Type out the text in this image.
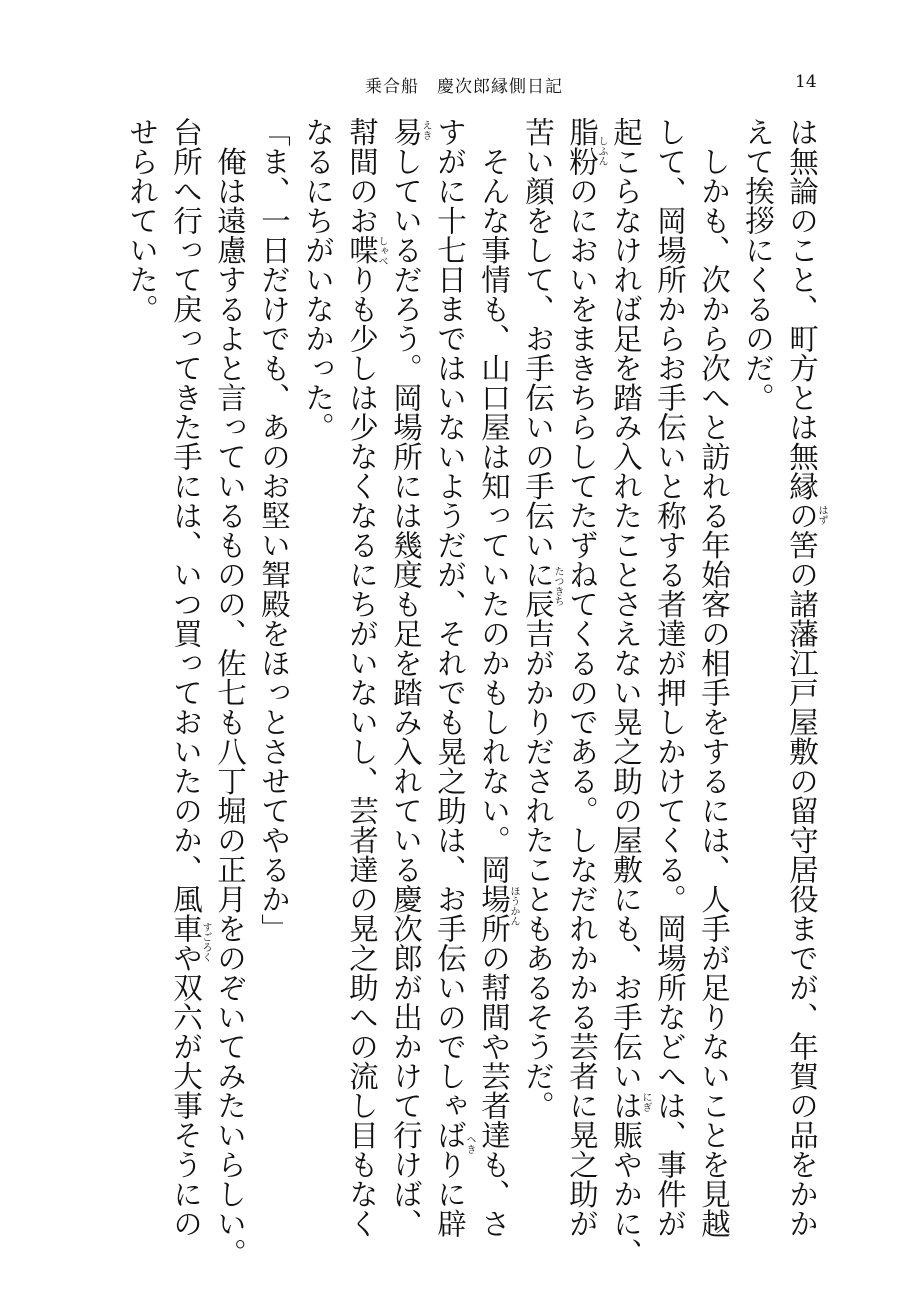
乗合船　慶次郎縁側日記	14
は無論のこと、町方とは無縁の筈の諸藩江戸屋敷の留守居役までが、年賀の品をかか
えて挨拶にくるのだ。
　しかも、次から次へと訪れる年始客の相手をするには、人手が足りないことを見越
して、岡場所からお手伝いと称する者達が押しかけてくる。岡場所などへは、事件が
起こらなければ足を踏み入れたことさえない晃之助の屋敷にも、お手伝いは賑やかに、
脂粉のにおいをまきちらしてたずねてくるのである。しなだれかかる芸者に晃之助が
苦い顔をして、お手伝いの手伝いに辰吉がかりだされたこともあるそうだ。
　そんな事情も、山口屋は知っていたのかもしれない。岡場所の幇間や芸者達も、さ
すがに十七日まではいないようだが、それでも晃之助は、お手伝いのでしゃばりに辟
易しているだろう。岡場所には幾度も足を踏み入れている慶次郎が出かけて行けば、
幇間のお喋りも少しは少なくなるにちがいないし、芸者達の晃之助への流し目もなく
なるにちがいなかった。
「ま、一日だけでも、あのお堅い聟殿をほっとさせてやるか」
　俺は遠慮するよと言っているものの、佐七も八丁堀の正月をのぞいてみたいらしい。
台所へ行って戻ってきた手には、いつ買っておいたのか、風車や双六が大事そうにの
せられていた。
はず
にぎ
しふん
たつきち
ほうかん
へき
えき
しゃべ
すごろく
